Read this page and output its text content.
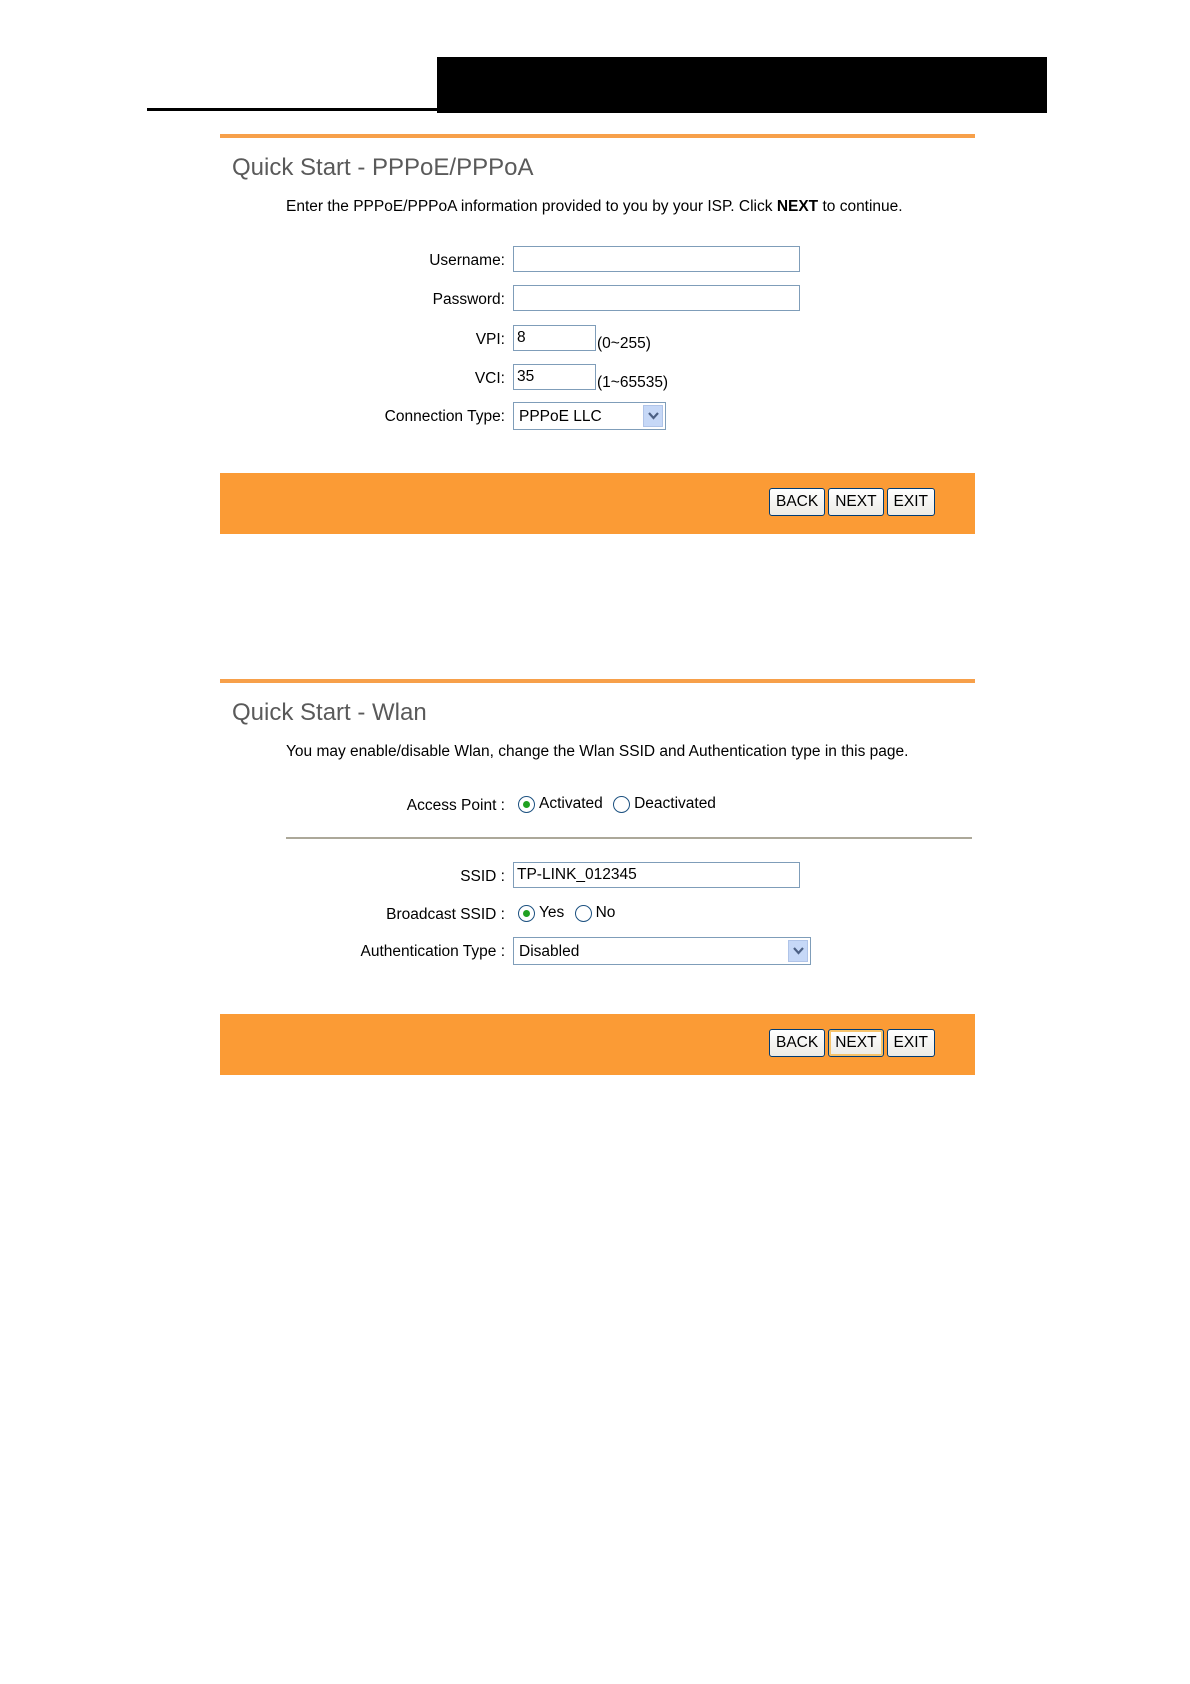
Quick Start - PPPoE/PPPoA
Enter the PPPoE/PPPoA information provided to you by your ISP. Click NEXT to continue.
Username:
Password:
VPI: 8	(0~255)
VCI: 35	(1~65535)
Connection Type: PPPoE LLC
BACK	NEXT	EXIT
Quick Start - Wlan
You may enable/disable Wlan, change the Wlan SSID and Authentication type in this page.
Access Point :	Activated Deactivated
SSID : TP-LINK_012345
Broadcast SSID :	Yes No
Authentication Type : Disabled
BACK	NEXT	EXIT
